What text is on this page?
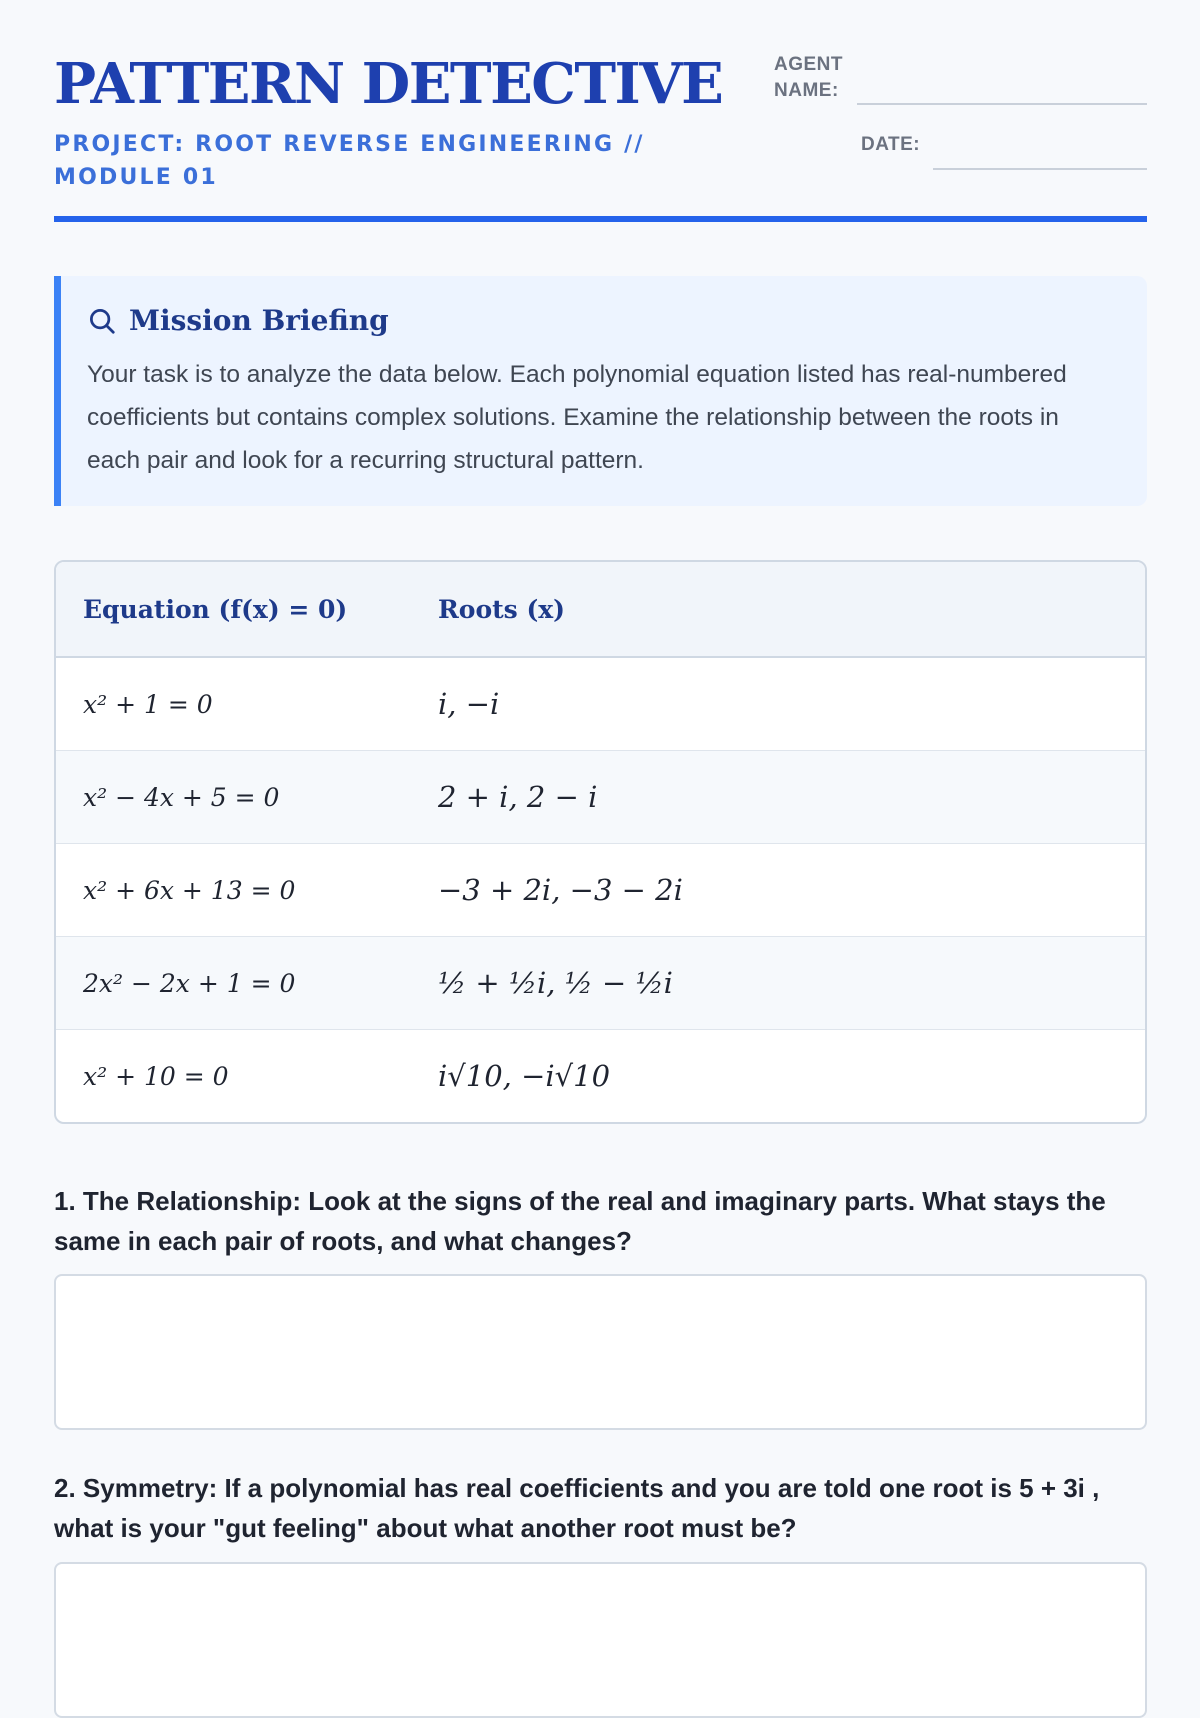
PATTERN DETECTIVE
PROJECT: ROOT REVERSE ENGINEERING // MODULE 01
AGENT NAME:
DATE:
Mission Briefing
Your task is to analyze the data below. Each polynomial equation listed has real-numbered coefficients but contains complex solutions. Examine the relationship between the roots in each pair and look for a recurring structural pattern.
Equation (f(x) = 0)	Roots (x)
x² + 1 = 0	i, −i
x² − 4x + 5 = 0	2 + i, 2 − i
x² + 6x + 13 = 0	−3 + 2i, −3 − 2i
2x² − 2x + 1 = 0	½ + ½i, ½ − ½i
x² + 10 = 0	i√10, −i√10
1. The Relationship: Look at the signs of the real and imaginary parts. What stays the same in each pair of roots, and what changes?
2. Symmetry: If a polynomial has real coefficients and you are told one root is 5 + 3i , what is your "gut feeling" about what another root must be?
